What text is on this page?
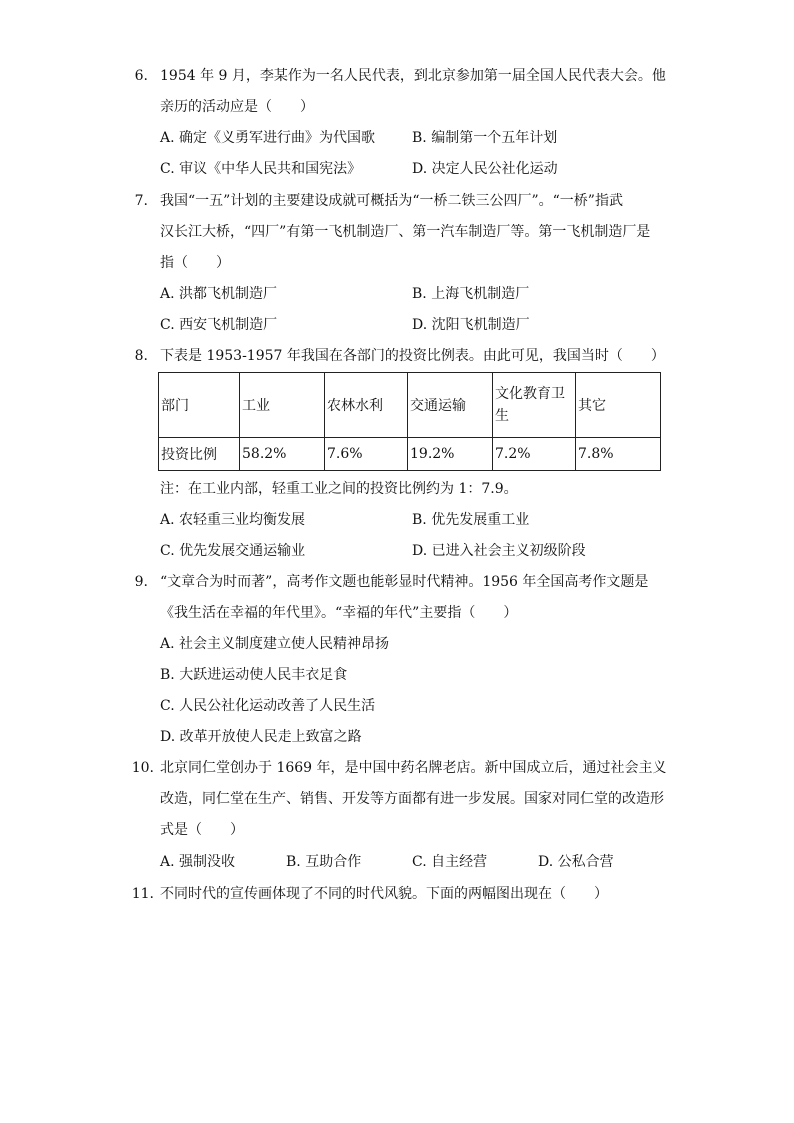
6. 1954 年 9 月，李某作为一名人民代表，到北京参加第一届全国人民代表大会。他
亲历的活动应是（　　）
A. 确定《义勇军进行曲》为代国歌	B. 编制第一个五年计划
C. 审议《中华人民共和国宪法》	D. 决定人民公社化运动
7. 我国“一五”计划的主要建设成就可概括为“一桥二铁三公四厂”。“一桥”指武
汉长江大桥，“四厂”有第一飞机制造厂、第一汽车制造厂等。第一飞机制造厂是
指（　　）
A. 洪都飞机制造厂	B. 上海飞机制造厂
C. 西安飞机制造厂	D. 沈阳飞机制造厂
8. 下表是 1953-1957 年我国在各部门的投资比例表。由此可见，我国当时（　　）
部门	工业	农林水利	交通运输	文化教育卫生	其它
投资比例	58.2%	7.6%	19.2%	7.2%	7.8%
注：在工业内部，轻重工业之间的投资比例约为 1：7.9。
A. 农轻重三业均衡发展	B. 优先发展重工业
C. 优先发展交通运输业	D. 已进入社会主义初级阶段
9. “文章合为时而著”，高考作文题也能彰显时代精神。1956 年全国高考作文题是
《我生活在幸福的年代里》。“幸福的年代”主要指（　　）
A. 社会主义制度建立使人民精神昂扬
B. 大跃进运动使人民丰衣足食
C. 人民公社化运动改善了人民生活
D. 改革开放使人民走上致富之路
10. 北京同仁堂创办于 1669 年，是中国中药名牌老店。新中国成立后，通过社会主义
改造，同仁堂在生产、销售、开发等方面都有进一步发展。国家对同仁堂的改造形
式是（　　）
A. 强制没收	B. 互助合作	C. 自主经营	D. 公私合营
11. 不同时代的宣传画体现了不同的时代风貌。下面的两幅图出现在（　　）
